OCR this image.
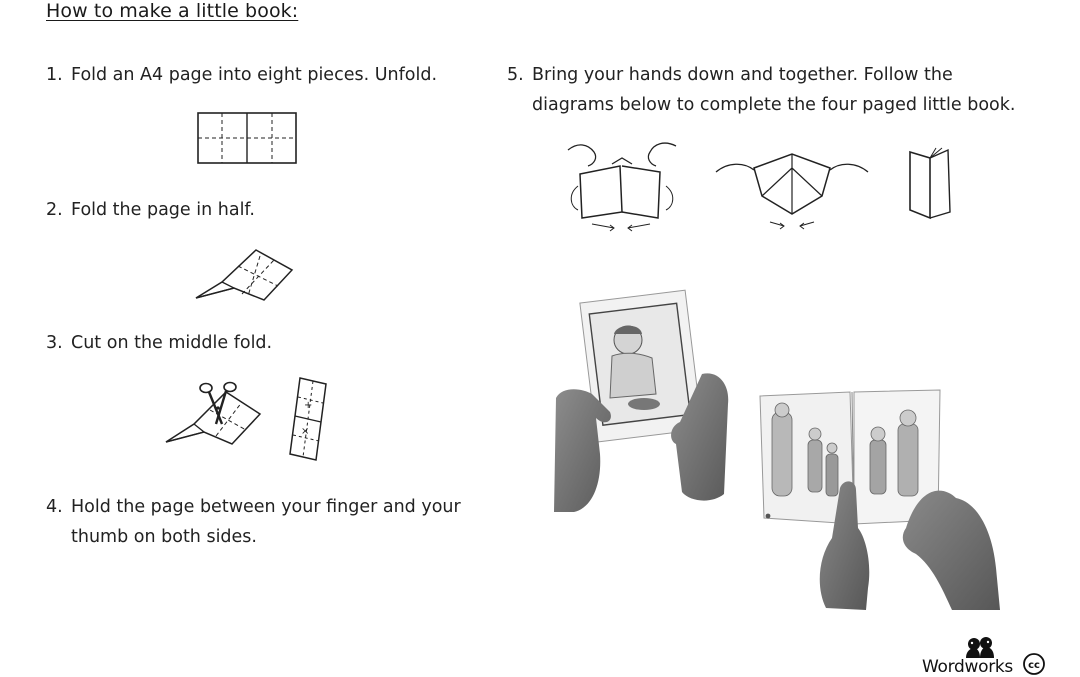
How to make a little book:
1. Fold an A4 page into eight pieces. Unfold.
2. Fold the page in half.
3. Cut on the middle fold.
+
×
4. Hold the page between your finger and your
thumb on both sides.
5. Bring your hands down and together. Follow the
diagrams below to complete the four paged little book.
Wordworks cc
